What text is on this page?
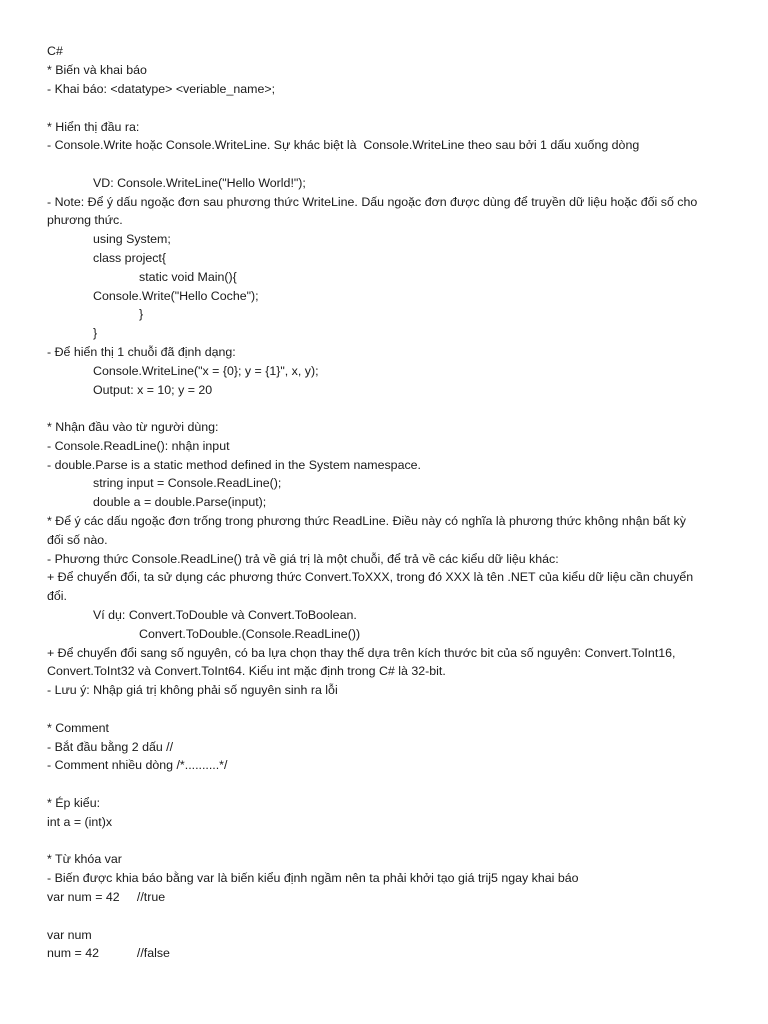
C#
* Biến và khai báo
- Khai báo: <datatype> <veriable_name>;
* Hiển thị đầu ra:
- Console.Write hoặc Console.WriteLine. Sự khác biệt là  Console.WriteLine theo sau bởi 1 dấu xuống dòng
VD: Console.WriteLine("Hello World!");
- Note: Để ý dấu ngoặc đơn sau phương thức WriteLine. Dấu ngoặc đơn được dùng để truyền dữ liệu hoặc đối số cho
phương thức.
using System;
class project{
static void Main(){
Console.Write("Hello Coche");
}
}
- Để hiển thị 1 chuỗi đã định dạng:
Console.WriteLine("x = {0}; y = {1}", x, y);
Output: x = 10; y = 20
* Nhận đầu vào từ người dùng:
- Console.ReadLine(): nhận input
- double.Parse is a static method defined in the System namespace.
string input = Console.ReadLine();
double a = double.Parse(input);
* Để ý các dấu ngoặc đơn trống trong phương thức ReadLine. Điều này có nghĩa là phương thức không nhận bất kỳ
đối số nào.
- Phương thức Console.ReadLine() trả về giá trị là một chuỗi, để trả về các kiểu dữ liệu khác:
+ Để chuyển đổi, ta sử dụng các phương thức Convert.ToXXX, trong đó XXX là tên .NET của kiểu dữ liệu cần chuyển
đổi.
Ví dụ: Convert.ToDouble và Convert.ToBoolean.
Convert.ToDouble.(Console.ReadLine())
+ Để chuyển đổi sang số nguyên, có ba lựa chọn thay thế dựa trên kích thước bit của số nguyên: Convert.ToInt16,
Convert.ToInt32 và Convert.ToInt64. Kiểu int mặc định trong C# là 32-bit.
- Lưu ý: Nhập giá trị không phải số nguyên sinh ra lỗi
* Comment
- Bắt đầu bằng 2 dấu //
- Comment nhiều dòng /*..........*/
* Ép kiểu:
int a = (int)x
* Từ khóa var
- Biến được khia báo bằng var là biến kiểu định ngầm nên ta phải khởi tạo giá trij5 ngay khai báo
var num = 42     //true
var num
num = 42           //false
